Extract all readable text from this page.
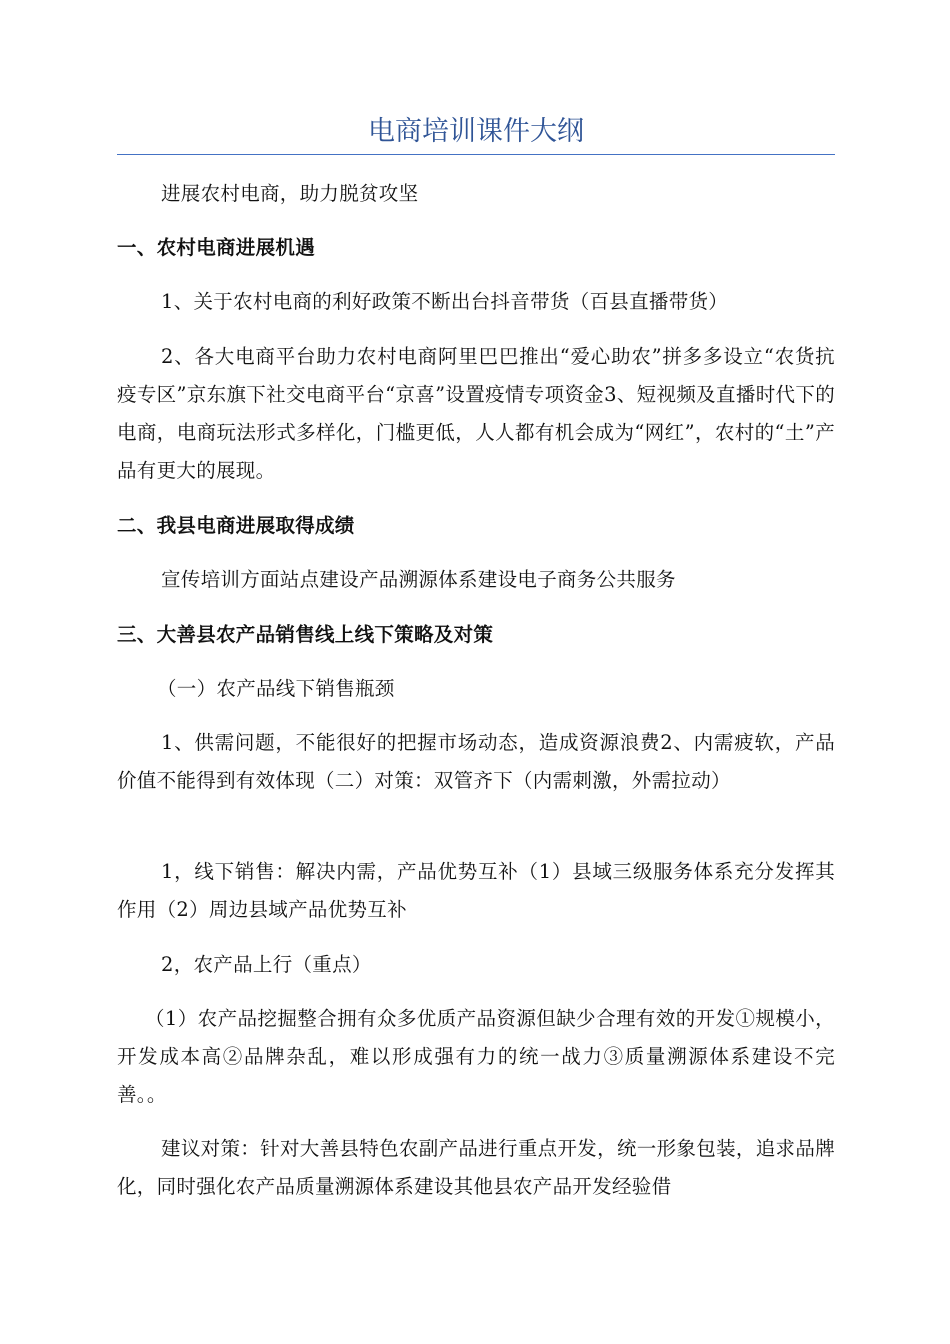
电商培训课件大纲

进展农村电商，助力脱贫攻坚

一、农村电商进展机遇

1、关于农村电商的利好政策不断出台抖音带货（百县直播带货）

2、各大电商平台助力农村电商阿里巴巴推出“爱心助农”拼多多设立“农货抗疫专区”京东旗下社交电商平台“京喜”设置疫情专项资金3、短视频及直播时代下的电商，电商玩法形式多样化，门槛更低，人人都有机会成为“网红”，农村的“土”产品有更大的展现。

二、我县电商进展取得成绩

宣传培训方面站点建设产品溯源体系建设电子商务公共服务

三、大善县农产品销售线上线下策略及对策

（一）农产品线下销售瓶颈

1、供需问题，不能很好的把握市场动态，造成资源浪费2、内需疲软，产品价值不能得到有效体现（二）对策：双管齐下（内需刺激，外需拉动）

1，线下销售：解决内需，产品优势互补（1）县域三级服务体系充分发挥其作用（2）周边县域产品优势互补

2，农产品上行（重点）

（1）农产品挖掘整合拥有众多优质产品资源但缺少合理有效的开发①规模小，开发成本高②品牌杂乱，难以形成强有力的统一战力③质量溯源体系建设不完善。。

建议对策：针对大善县特色农副产品进行重点开发，统一形象包装，追求品牌化，同时强化农产品质量溯源体系建设其他县农产品开发经验借
